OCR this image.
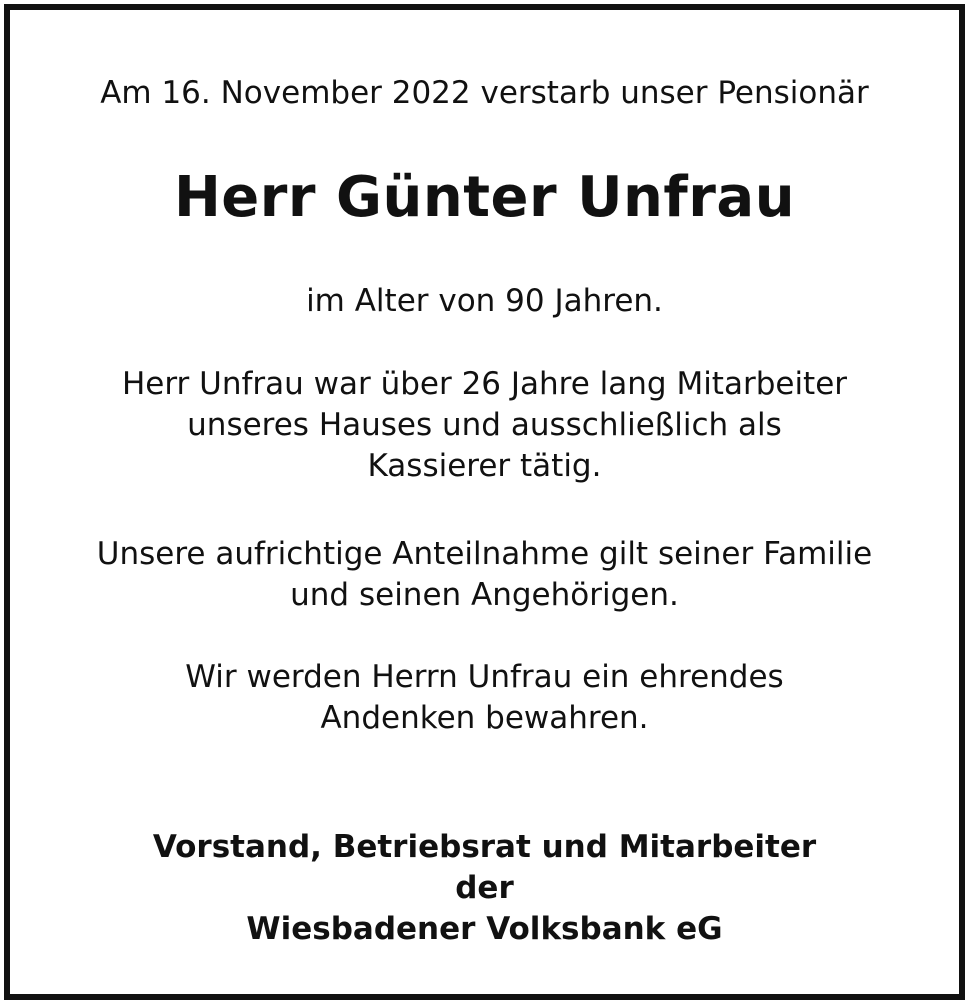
Am 16. November 2022 verstarb unser Pensionär
Herr Günter Unfrau
im Alter von 90 Jahren.
Herr Unfrau war über 26 Jahre lang Mitarbeiter
unseres Hauses und ausschließlich als
Kassierer tätig.
Unsere aufrichtige Anteilnahme gilt seiner Familie
und seinen Angehörigen.
Wir werden Herrn Unfrau ein ehrendes
Andenken bewahren.
Vorstand, Betriebsrat und Mitarbeiter
der
Wiesbadener Volksbank eG
